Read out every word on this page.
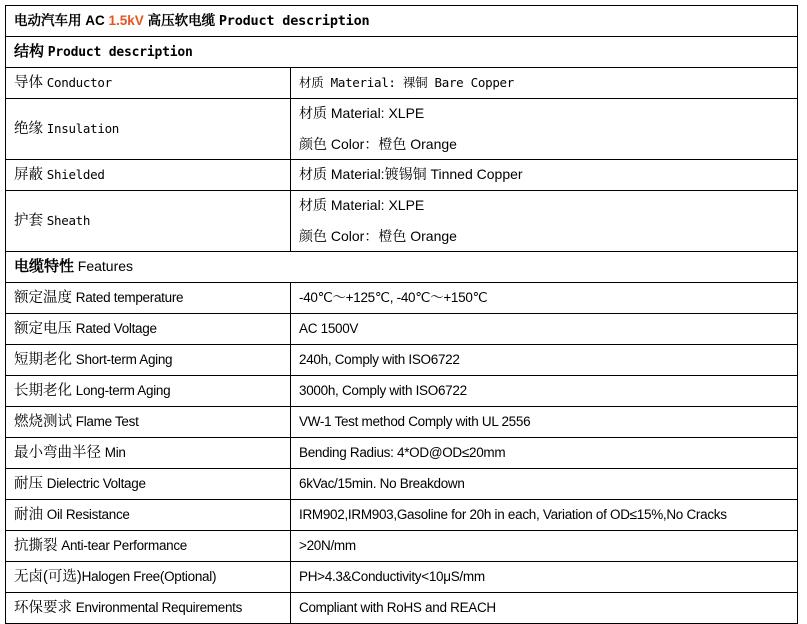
电动汽车用 AC 1.5kV 高压软电缆 Product description	
结构 Product description	
导体 Conductor	材质 Material: 裸铜 Bare Copper
绝缘 Insulation	材质 Material: XLPE
颜色 Color：橙色 Orange

屏蔽 Shielded	材质 Material:镀锡铜 Tinned Copper
护套 Sheath	材质 Material: XLPE
颜色 Color：橙色 Orange

电缆特性 Features	
额定温度 Rated temperature	-40℃～+125℃, -40℃～+150℃
额定电压 Rated Voltage	AC 1500V
短期老化 Short-term Aging	240h, Comply with ISO6722
长期老化 Long-term Aging	3000h, Comply with ISO6722
燃烧测试 Flame Test	VW-1 Test method Comply with UL 2556
最小弯曲半径 Min	Bending Radius: 4*OD@OD≤20mm
耐压 Dielectric Voltage	6kVac/15min. No Breakdown
耐油 Oil Resistance	IRM902,IRM903,Gasoline for 20h in each, Variation of OD≤15%,No Cracks
抗撕裂 Anti-tear Performance	>20N/mm
无卤(可选)Halogen Free(Optional)	PH>4.3&Conductivity<10μS/mm
环保要求 Environmental Requirements	Compliant with RoHS and REACH
